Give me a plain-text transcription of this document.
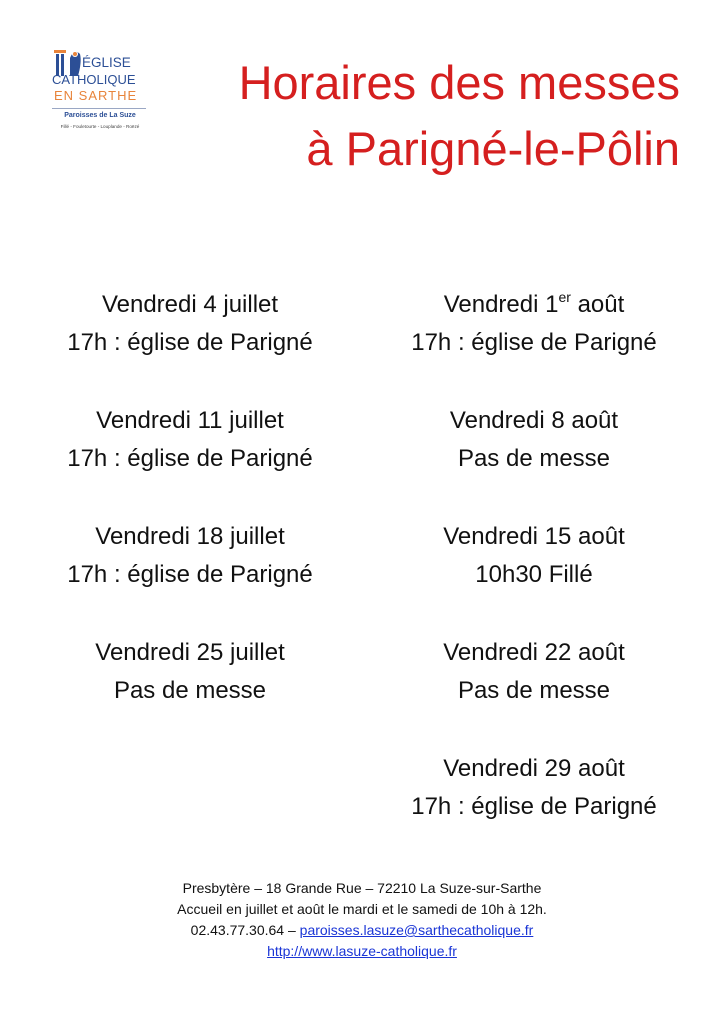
ÉGLISE
CATHOLIQUE
EN SARTHE
Paroisses de La Suze
Fillé - Fouletourte - Louplande - Roëzé
Horaires des messes
à Parigné-le-Pôlin
Vendredi 4 juillet
17h : église de Parigné
Vendredi 11 juillet
17h : église de Parigné
Vendredi 18 juillet
17h : église de Parigné
Vendredi 25 juillet
Pas de messe
Vendredi 1er août
17h : église de Parigné
Vendredi 8 août
Pas de messe
Vendredi 15 août
10h30 Fillé
Vendredi 22 août
Pas de messe
Vendredi 29 août
17h : église de Parigné
Presbytère – 18 Grande Rue – 72210 La Suze-sur-Sarthe
Accueil en juillet et août le mardi et le samedi de 10h à 12h.
02.43.77.30.64 – paroisses.lasuze@sarthecatholique.fr
http://www.lasuze-catholique.fr
